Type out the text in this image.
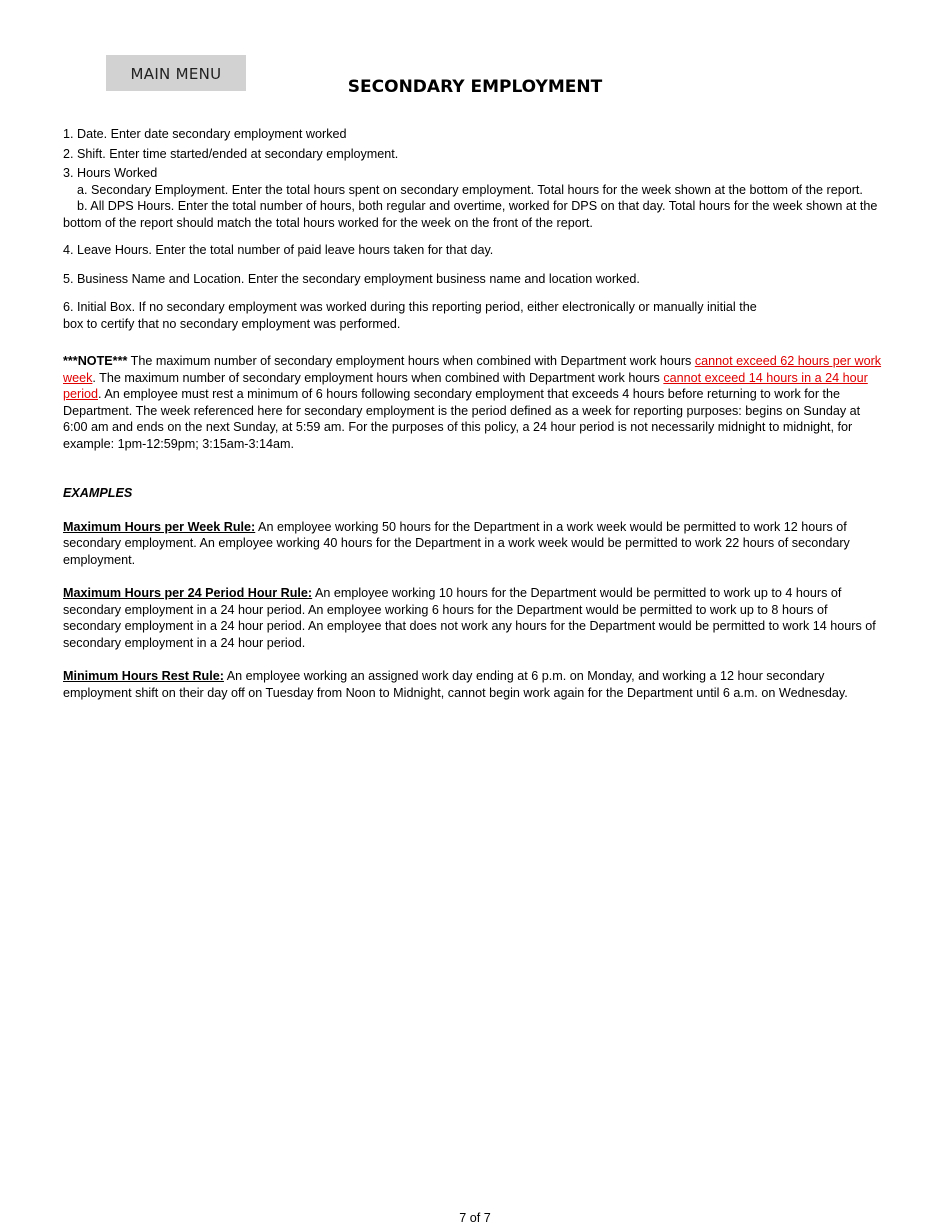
MAIN MENU
SECONDARY EMPLOYMENT

1. Date. Enter date secondary employment worked

2. Shift. Enter time started/ended at secondary employment.

3. Hours Worked

a. Secondary Employment. Enter the total hours spent on secondary employment. Total hours for the week shown at the bottom of the report.

b. All DPS Hours. Enter the total number of hours, both regular and overtime, worked for DPS on that day. Total hours for the week shown at the bottom of the report should match the total hours worked for the week on the front of the report.

4. Leave Hours. Enter the total number of paid leave hours taken for that day.

5. Business Name and Location. Enter the secondary employment business name and location worked.

6. Initial Box. If no secondary employment was worked during this reporting period, either electronically or manually initial the
box to certify that no secondary employment was performed.

***NOTE*** The maximum number of secondary employment hours when combined with Department work hours cannot exceed 62 hours per work week. The maximum number of secondary employment hours when combined with Department work hours cannot exceed 14 hours in a 24 hour period. An employee must rest a minimum of 6 hours following secondary employment that exceeds 4 hours before returning to work for the Department. The week referenced here for secondary employment is the period defined as a week for reporting purposes: begins on Sunday at 6:00 am and ends on the next Sunday, at 5:59 am. For the purposes of this policy, a 24 hour period is not necessarily midnight to midnight, for example: 1pm-12:59pm; 3:15am-3:14am.

EXAMPLES

Maximum Hours per Week Rule: An employee working 50 hours for the Department in a work week would be permitted to work 12 hours of secondary employment. An employee working 40 hours for the Department in a work week would be permitted to work 22 hours of secondary employment.

Maximum Hours per 24 Period Hour Rule: An employee working 10 hours for the Department would be permitted to work up to 4 hours of secondary employment in a 24 hour period. An employee working 6 hours for the Department would be permitted to work up to 8 hours of secondary employment in a 24 hour period. An employee that does not work any hours for the Department would be permitted to work 14 hours of secondary employment in a 24 hour period.

Minimum Hours Rest Rule: An employee working an assigned work day ending at 6 p.m. on Monday, and working a 12 hour secondary employment shift on their day off on Tuesday from Noon to Midnight, cannot begin work again for the Department until 6 a.m. on Wednesday.

7 of 7
